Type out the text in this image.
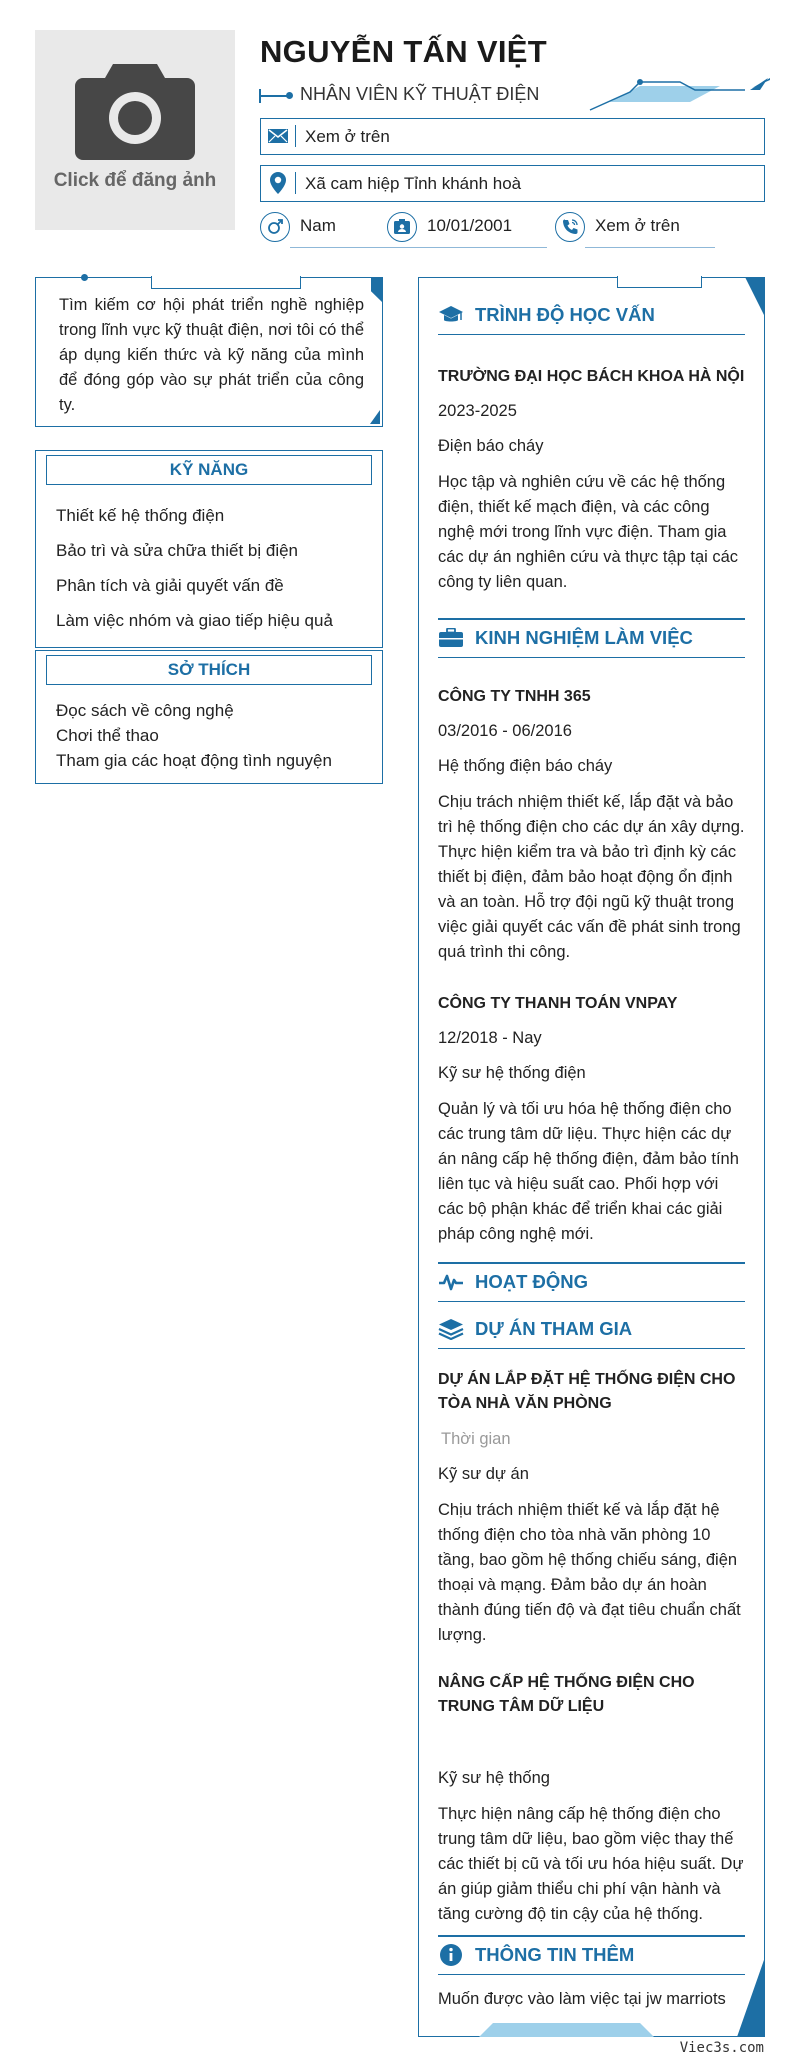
Click để đăng ảnh
NGUYỄN TẤN VIỆT
NHÂN VIÊN KỸ THUẬT ĐIỆN
Xem ở trên
Xã cam hiệp Tỉnh khánh hoà
Nam	10/01/2001	Xem ở trên
Tìm kiếm cơ hội phát triển nghề nghiệp trong lĩnh vực kỹ thuật điện, nơi tôi có thể áp dụng kiến thức và kỹ năng của mình để đóng góp vào sự phát triển của công ty.
KỸ NĂNG
Thiết kế hệ thống điện
Bảo trì và sửa chữa thiết bị điện
Phân tích và giải quyết vấn đề
Làm việc nhóm và giao tiếp hiệu quả
SỞ THÍCH
Đọc sách về công nghệ
Chơi thể thao
Tham gia các hoạt động tình nguyện
TRÌNH ĐỘ HỌC VẤN
TRƯỜNG ĐẠI HỌC BÁCH KHOA HÀ NỘI
2023-2025
Điện báo cháy
Học tập và nghiên cứu về các hệ thống điện, thiết kế mạch điện, và các công nghệ mới trong lĩnh vực điện. Tham gia các dự án nghiên cứu và thực tập tại các công ty liên quan.
KINH NGHIỆM LÀM VIỆC
CÔNG TY TNHH 365
03/2016 - 06/2016
Hệ thống điện báo cháy
Chịu trách nhiệm thiết kế, lắp đặt và bảo trì hệ thống điện cho các dự án xây dựng. Thực hiện kiểm tra và bảo trì định kỳ các thiết bị điện, đảm bảo hoạt động ổn định và an toàn. Hỗ trợ đội ngũ kỹ thuật trong việc giải quyết các vấn đề phát sinh trong quá trình thi công.
CÔNG TY THANH TOÁN VNPAY
12/2018 - Nay
Kỹ sư hệ thống điện
Quản lý và tối ưu hóa hệ thống điện cho các trung tâm dữ liệu. Thực hiện các dự án nâng cấp hệ thống điện, đảm bảo tính liên tục và hiệu suất cao. Phối hợp với các bộ phận khác để triển khai các giải pháp công nghệ mới.
HOẠT ĐỘNG
DỰ ÁN THAM GIA
DỰ ÁN LẮP ĐẶT HỆ THỐNG ĐIỆN CHO TÒA NHÀ VĂN PHÒNG
Thời gian
Kỹ sư dự án
Chịu trách nhiệm thiết kế và lắp đặt hệ thống điện cho tòa nhà văn phòng 10 tầng, bao gồm hệ thống chiếu sáng, điện thoại và mạng. Đảm bảo dự án hoàn thành đúng tiến độ và đạt tiêu chuẩn chất lượng.
NÂNG CẤP HỆ THỐNG ĐIỆN CHO TRUNG TÂM DỮ LIỆU
Kỹ sư hệ thống
Thực hiện nâng cấp hệ thống điện cho trung tâm dữ liệu, bao gồm việc thay thế các thiết bị cũ và tối ưu hóa hiệu suất. Dự án giúp giảm thiểu chi phí vận hành và tăng cường độ tin cậy của hệ thống.
THÔNG TIN THÊM
Muốn được vào làm việc tại jw marriots
Viec3s.com
